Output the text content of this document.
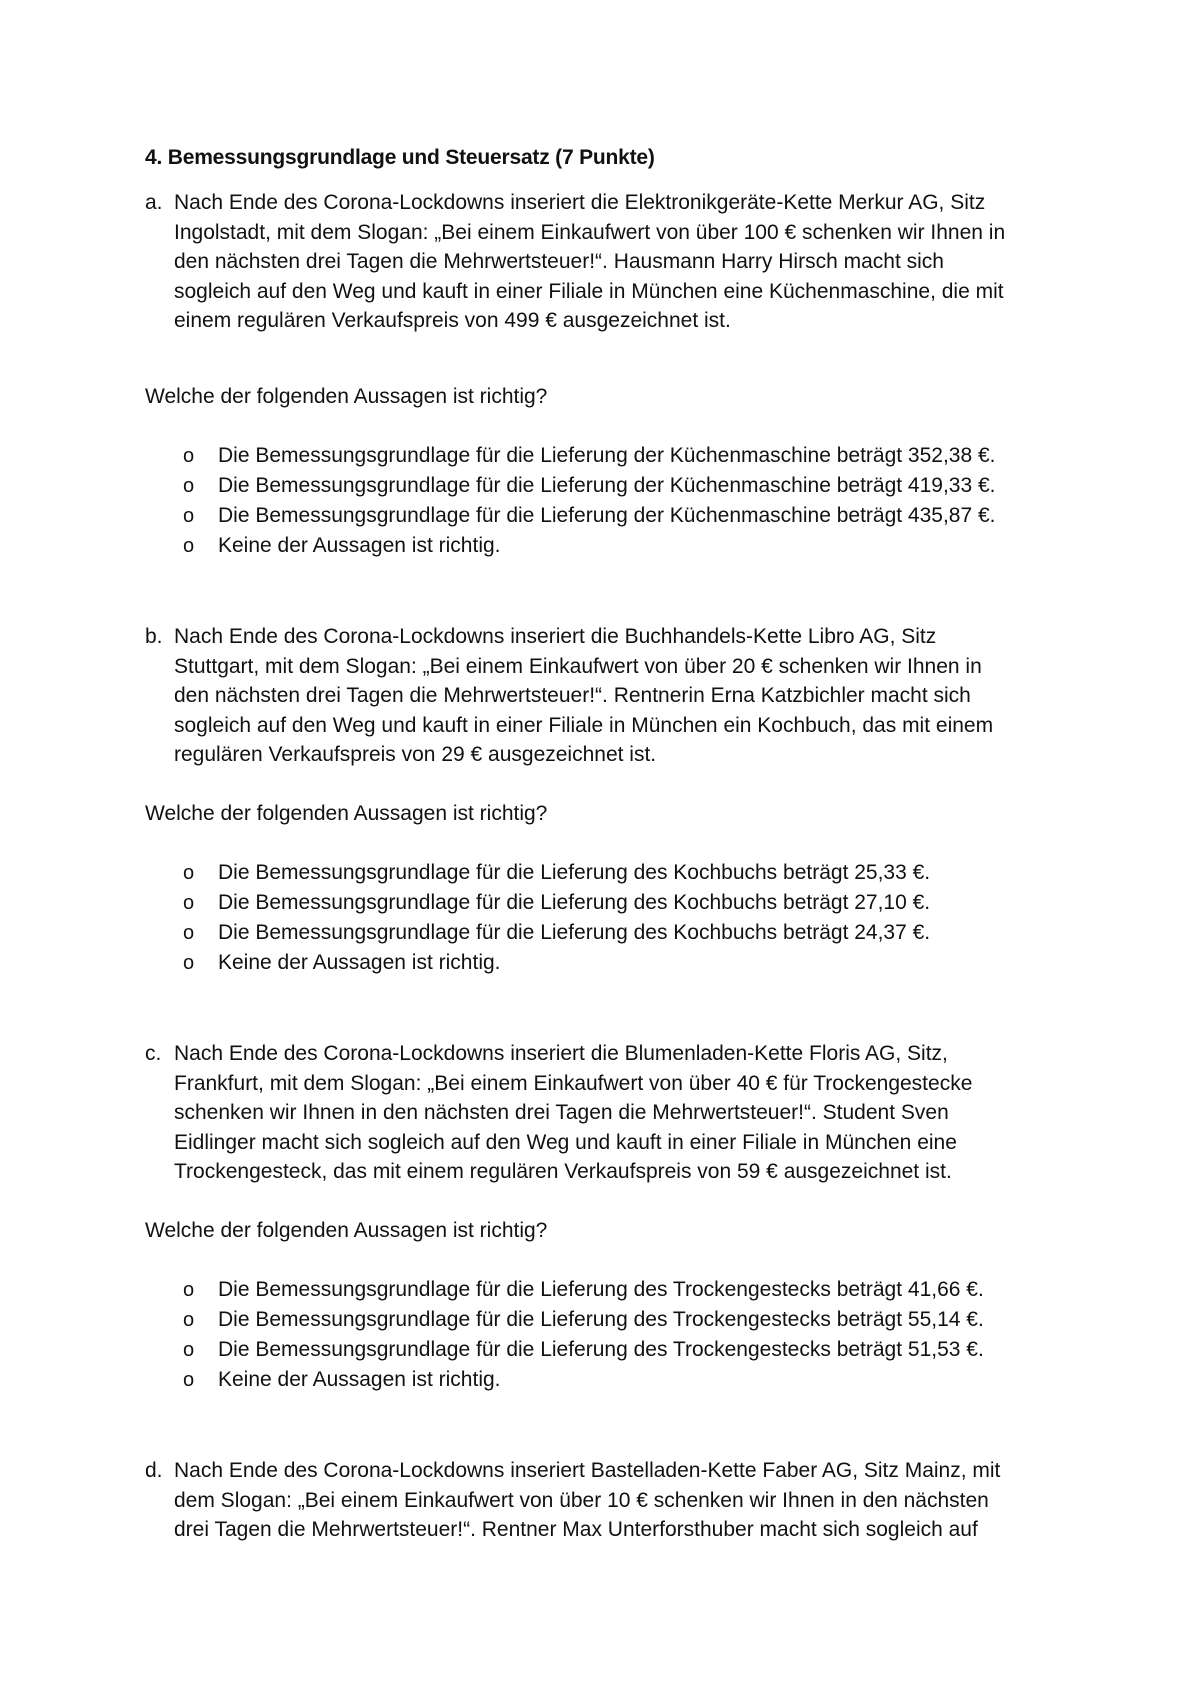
4. Bemessungsgrundlage und Steuersatz (7 Punkte)
a. Nach Ende des Corona-Lockdowns inseriert die Elektronikgeräte-Kette Merkur AG, Sitz
Ingolstadt, mit dem Slogan: „Bei einem Einkaufwert von über 100 € schenken wir Ihnen in
den nächsten drei Tagen die Mehrwertsteuer!“. Hausmann Harry Hirsch macht sich
sogleich auf den Weg und kauft in einer Filiale in München eine Küchenmaschine, die mit
einem regulären Verkaufspreis von 499 € ausgezeichnet ist.
Welche der folgenden Aussagen ist richtig?
o Die Bemessungsgrundlage für die Lieferung der Küchenmaschine beträgt 352,38 €.
o Die Bemessungsgrundlage für die Lieferung der Küchenmaschine beträgt 419,33 €.
o Die Bemessungsgrundlage für die Lieferung der Küchenmaschine beträgt 435,87 €.
o Keine der Aussagen ist richtig.
b. Nach Ende des Corona-Lockdowns inseriert die Buchhandels-Kette Libro AG, Sitz
Stuttgart, mit dem Slogan: „Bei einem Einkaufwert von über 20 € schenken wir Ihnen in
den nächsten drei Tagen die Mehrwertsteuer!“. Rentnerin Erna Katzbichler macht sich
sogleich auf den Weg und kauft in einer Filiale in München ein Kochbuch, das mit einem
regulären Verkaufspreis von 29 € ausgezeichnet ist.
Welche der folgenden Aussagen ist richtig?
o Die Bemessungsgrundlage für die Lieferung des Kochbuchs beträgt 25,33 €.
o Die Bemessungsgrundlage für die Lieferung des Kochbuchs beträgt 27,10 €.
o Die Bemessungsgrundlage für die Lieferung des Kochbuchs beträgt 24,37 €.
o Keine der Aussagen ist richtig.
c. Nach Ende des Corona-Lockdowns inseriert die Blumenladen-Kette Floris AG, Sitz,
Frankfurt, mit dem Slogan: „Bei einem Einkaufwert von über 40 € für Trockengestecke
schenken wir Ihnen in den nächsten drei Tagen die Mehrwertsteuer!“. Student Sven
Eidlinger macht sich sogleich auf den Weg und kauft in einer Filiale in München eine
Trockengesteck, das mit einem regulären Verkaufspreis von 59 € ausgezeichnet ist.
Welche der folgenden Aussagen ist richtig?
o Die Bemessungsgrundlage für die Lieferung des Trockengestecks beträgt 41,66 €.
o Die Bemessungsgrundlage für die Lieferung des Trockengestecks beträgt 55,14 €.
o Die Bemessungsgrundlage für die Lieferung des Trockengestecks beträgt 51,53 €.
o Keine der Aussagen ist richtig.
d. Nach Ende des Corona-Lockdowns inseriert Bastelladen-Kette Faber AG, Sitz Mainz, mit
dem Slogan: „Bei einem Einkaufwert von über 10 € schenken wir Ihnen in den nächsten
drei Tagen die Mehrwertsteuer!“. Rentner Max Unterforsthuber macht sich sogleich auf
